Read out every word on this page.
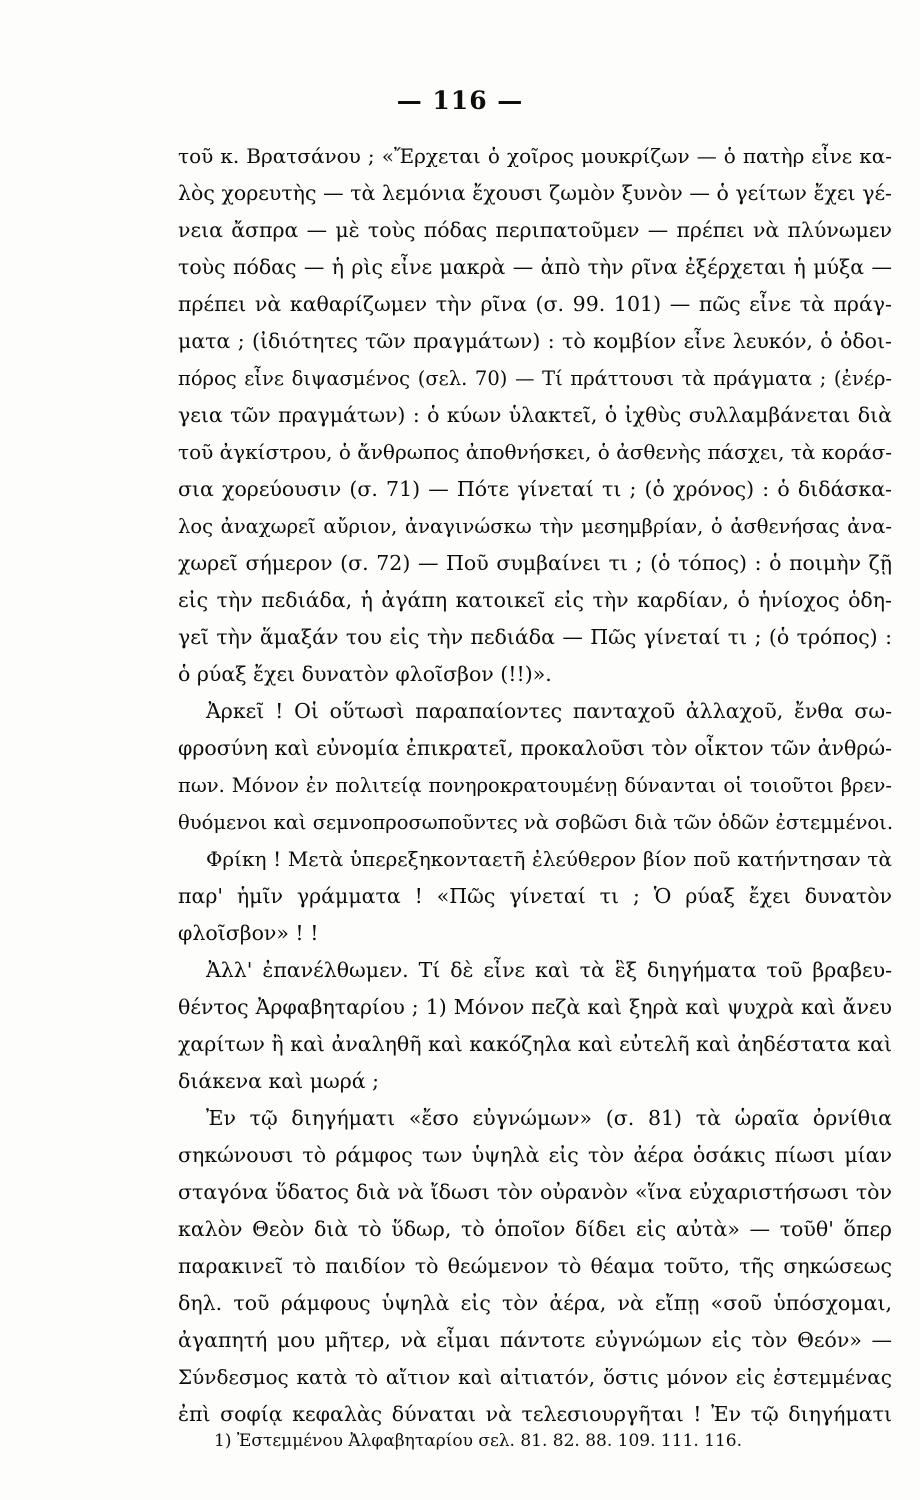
— 116 —
τοῦ κ. Βρατσάνου ; «Ἔρχεται ὁ χοῖρος μουκρίζων — ὁ πατὴρ εἶνε κα-
λὸς χορευτὴς — τὰ λεμόνια ἔχουσι ζωμὸν ξυνὸν — ὁ γείτων ἔχει γέ-
νεια ἄσπρα — μὲ τοὺς πόδας περιπατοῦμεν — πρέπει νὰ πλύνωμεν
τοὺς πόδας — ἡ ρὶς εἶνε μακρὰ — ἀπὸ τὴν ρῖνα ἐξέρχεται ἡ μύξα —
πρέπει νὰ καθαρίζωμεν τὴν ρῖνα (σ. 99. 101) — πῶς εἶνε τὰ πράγ-
ματα ; (ἰδιότητες τῶν πραγμάτων) : τὸ κομβίον εἶνε λευκόν, ὁ ὁδοι-
πόρος εἶνε διψασμένος (σελ. 70) — Τί πράττουσι τὰ πράγματα ; (ἐνέρ-
γεια τῶν πραγμάτων) : ὁ κύων ὑλακτεῖ, ὁ ἰχθὺς συλλαμβάνεται διὰ
τοῦ ἀγκίστρου, ὁ ἄνθρωπος ἀποθνήσκει, ὁ ἀσθενὴς πάσχει, τὰ κοράσ-
σια χορεύουσιν (σ. 71) — Πότε γίνεταί τι ; (ὁ χρόνος) : ὁ διδάσκα-
λος ἀναχωρεῖ αὔριον, ἀναγινώσκω τὴν μεσημβρίαν, ὁ ἀσθενήσας ἀνα-
χωρεῖ σήμερον (σ. 72) — Ποῦ συμβαίνει τι ; (ὁ τόπος) : ὁ ποιμὴν ζῇ
εἰς τὴν πεδιάδα, ἡ ἀγάπη κατοικεῖ εἰς τὴν καρδίαν, ὁ ἡνίοχος ὁδη-
γεῖ τὴν ἅμαξάν του εἰς τὴν πεδιάδα — Πῶς γίνεταί τι ; (ὁ τρόπος) :
ὁ ρύαξ ἔχει δυνατὸν φλοῖσβον (!!)».
Ἀρκεῖ ! Οἱ οὕτωσὶ παραπαίοντες πανταχοῦ ἀλλαχοῦ, ἔνθα σω-
φροσύνη καὶ εὐνομία ἐπικρατεῖ, προκαλοῦσι τὸν οἶκτον τῶν ἀνθρώ-
πων. Μόνον ἐν πολιτείᾳ πονηροκρατουμένῃ δύνανται οἱ τοιοῦτοι βρεν-
θυόμενοι καὶ σεμνοπροσωποῦντες νὰ σοβῶσι διὰ τῶν ὁδῶν ἐστεμμένοι.
Φρίκη ! Μετὰ ὑπερεξηκονταετῆ ἐλεύθερον βίον ποῦ κατήντησαν τὰ
παρ' ἡμῖν γράμματα ! «Πῶς γίνεταί τι ; Ὁ ρύαξ ἔχει δυνατὸν
φλοῖσβον» ! !
Ἀλλ' ἐπανέλθωμεν. Τί δὲ εἶνε καὶ τὰ ἓξ διηγήματα τοῦ βραβευ-
θέντος Ἀρφαβηταρίου ; 1) Μόνον πεζὰ καὶ ξηρὰ καὶ ψυχρὰ καὶ ἄνευ
χαρίτων ἢ καὶ ἀναληθῆ καὶ κακόζηλα καὶ εὐτελῆ καὶ ἀηδέστατα καὶ
διάκενα καὶ μωρά ;
Ἐν τῷ διηγήματι «ἔσο εὐγνώμων» (σ. 81) τὰ ὡραῖα ὀρνίθια
σηκώνουσι τὸ ράμφος των ὑψηλὰ εἰς τὸν ἀέρα ὁσάκις πίωσι μίαν
σταγόνα ὕδατος διὰ νὰ ἴδωσι τὸν οὐρανὸν «ἵνα εὐχαριστήσωσι τὸν
καλὸν Θεὸν διὰ τὸ ὕδωρ, τὸ ὁποῖον δίδει εἰς αὐτὰ» — τοῦθ' ὅπερ
παρακινεῖ τὸ παιδίον τὸ θεώμενον τὸ θέαμα τοῦτο, τῆς σηκώσεως
δηλ. τοῦ ράμφους ὑψηλὰ εἰς τὸν ἀέρα, νὰ εἴπῃ «σοῦ ὑπόσχομαι,
ἀγαπητή μου μῆτερ, νὰ εἶμαι πάντοτε εὐγνώμων εἰς τὸν Θεόν» —
Σύνδεσμος κατὰ τὸ αἴτιον καὶ αἰτιατόν, ὅστις μόνον εἰς ἐστεμμένας
ἐπὶ σοφίᾳ κεφαλὰς δύναται νὰ τελεσιουργῆται ! Ἐν τῷ διηγήματι
1) Ἐστεμμένου Ἀλφαβηταρίου σελ. 81. 82. 88. 109. 111. 116.
